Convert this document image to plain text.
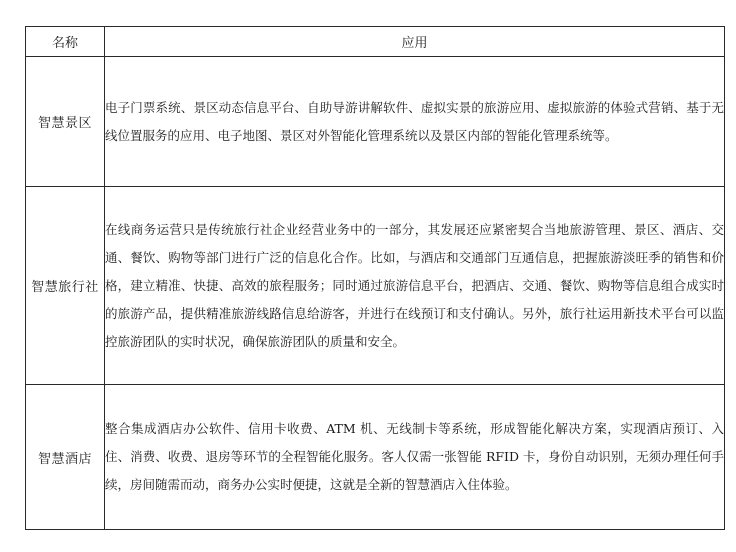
名称	应用
智慧景区	电子门票系统、景区动态信息平台、自助导游讲解软件、虚拟实景的旅游应用、虚拟旅游的体验式营销、基于无线位置服务的应用、电子地图、景区对外智能化管理系统以及景区内部的智能化管理系统等。
智慧旅行社	在线商务运营只是传统旅行社企业经营业务中的一部分，其发展还应紧密契合当地旅游管理、景区、酒店、交通、餐饮、购物等部门进行广泛的信息化合作。比如，与酒店和交通部门互通信息，把握旅游淡旺季的销售和价格，建立精准、快捷、高效的旅程服务；同时通过旅游信息平台，把酒店、交通、餐饮、购物等信息组合成实时的旅游产品，提供精准旅游线路信息给游客，并进行在线预订和支付确认。另外，旅行社运用新技术平台可以监控旅游团队的实时状况，确保旅游团队的质量和安全。
智慧酒店	整合集成酒店办公软件、信用卡收费、ATM 机、无线制卡等系统，形成智能化解决方案，实现酒店预订、入住、消费、收费、退房等环节的全程智能化服务。客人仅需一张智能 RFID 卡，身份自动识别，无须办理任何手续，房间随需而动，商务办公实时便捷，这就是全新的智慧酒店入住体验。
